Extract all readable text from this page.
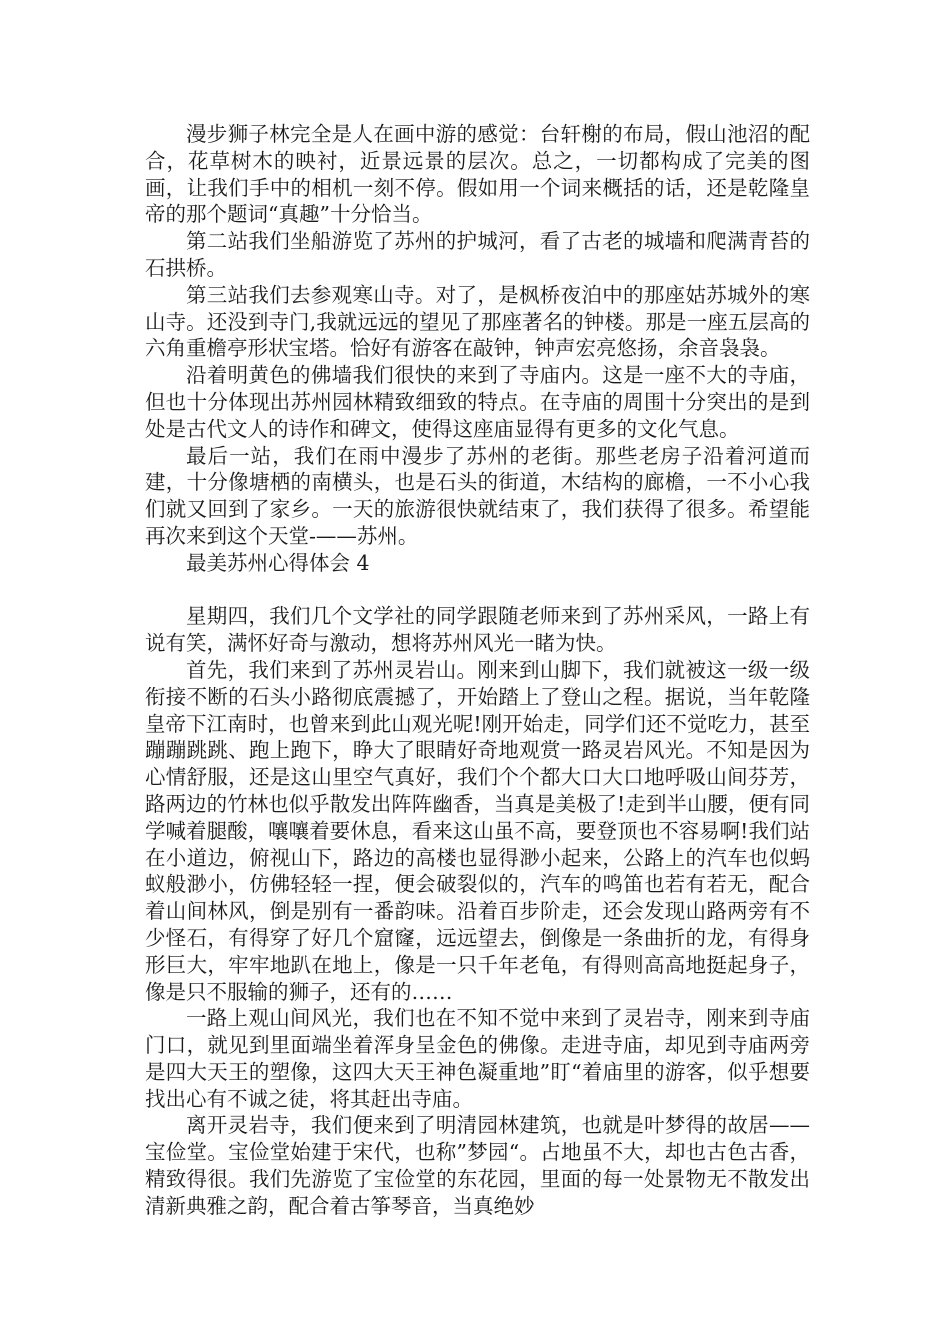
漫步狮子林完全是人在画中游的感觉：台轩榭的布局，假山池沼的配合，花草树木的映衬，近景远景的层次。总之，一切都构成了完美的图画，让我们手中的相机一刻不停。假如用一个词来概括的话，还是乾隆皇帝的那个题词“真趣”十分恰当。

第二站我们坐船游览了苏州的护城河，看了古老的城墙和爬满青苔的石拱桥。

第三站我们去参观寒山寺。对了，是枫桥夜泊中的那座姑苏城外的寒山寺。还没到寺门,我就远远的望见了那座著名的钟楼。那是一座五层高的六角重檐亭形状宝塔。恰好有游客在敲钟，钟声宏亮悠扬，余音袅袅。

沿着明黄色的佛墙我们很快的来到了寺庙内。这是一座不大的寺庙，但也十分体现出苏州园林精致细致的特点。在寺庙的周围十分突出的是到处是古代文人的诗作和碑文，使得这座庙显得有更多的文化气息。

最后一站，我们在雨中漫步了苏州的老街。那些老房子沿着河道而建，十分像塘栖的南横头，也是石头的街道，木结构的廊檐，一不小心我们就又回到了家乡。一天的旅游很快就结束了，我们获得了很多。希望能再次来到这个天堂-——苏州。

最美苏州心得体会 4

星期四，我们几个文学社的同学跟随老师来到了苏州采风，一路上有说有笑，满怀好奇与激动，想将苏州风光一睹为快。

首先，我们来到了苏州灵岩山。刚来到山脚下，我们就被这一级一级衔接不断的石头小路彻底震撼了，开始踏上了登山之程。据说，当年乾隆皇帝下江南时，也曾来到此山观光呢!刚开始走，同学们还不觉吃力，甚至蹦蹦跳跳、跑上跑下，睁大了眼睛好奇地观赏一路灵岩风光。不知是因为心情舒服，还是这山里空气真好，我们个个都大口大口地呼吸山间芬芳，路两边的竹林也似乎散发出阵阵幽香，当真是美极了!走到半山腰，便有同学喊着腿酸，嚷嚷着要休息，看来这山虽不高，要登顶也不容易啊!我们站在小道边，俯视山下，路边的高楼也显得渺小起来，公路上的汽车也似蚂蚁般渺小，仿佛轻轻一捏，便会破裂似的，汽车的鸣笛也若有若无，配合着山间林风，倒是别有一番韵味。沿着百步阶走，还会发现山路两旁有不少怪石，有得穿了好几个窟窿，远远望去，倒像是一条曲折的龙，有得身形巨大，牢牢地趴在地上，像是一只千年老龟，有得则高高地挺起身子，像是只不服输的狮子，还有的……

一路上观山间风光，我们也在不知不觉中来到了灵岩寺，刚来到寺庙门口，就见到里面端坐着浑身呈金色的佛像。走进寺庙，却见到寺庙两旁是四大天王的塑像，这四大天王神色凝重地”盯“着庙里的游客，似乎想要找出心有不诚之徒，将其赶出寺庙。

离开灵岩寺，我们便来到了明清园林建筑，也就是叶梦得的故居——宝俭堂。宝俭堂始建于宋代，也称”梦园“。占地虽不大，却也古色古香，精致得很。我们先游览了宝俭堂的东花园，里面的每一处景物无不散发出清新典雅之韵，配合着古筝琴音，当真绝妙
